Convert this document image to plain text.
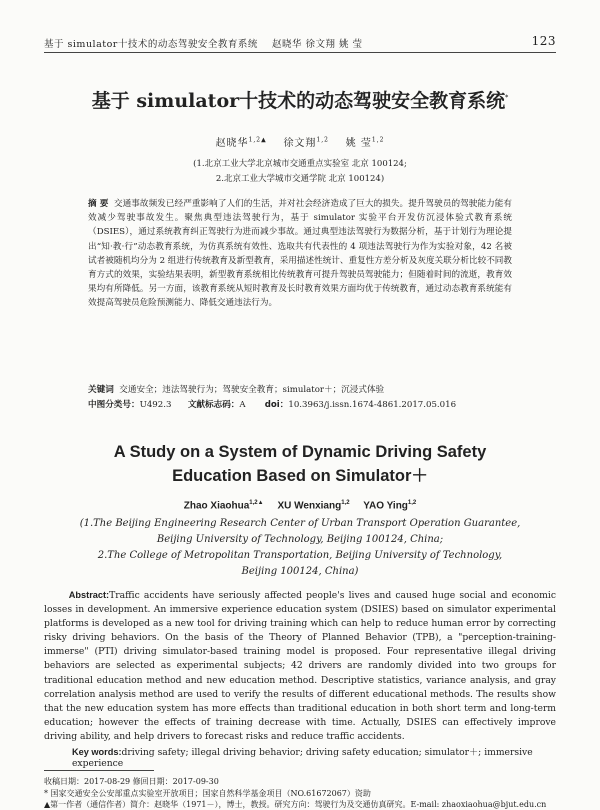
基于 simulator十技术的动态驾驶安全教育系统 赵晓华 徐文翔 姚 莹	123
基于 simulator十技术的动态驾驶安全教育系统*
赵晓华$^{1,2▲}$ 徐文翔$^{1,2}$ 姚 莹$^{1,2}$
(1.北京工业大学北京城市交通重点实验室 北京 100124;
2.北京工业大学城市交通学院 北京 100124)
摘 要 交通事故频发已经严重影响了人们的生活，并对社会经济造成了巨大的损失。提升驾驶员的驾驶能力能有效减少驾驶事故发生。聚焦典型违法驾驶行为，基于 simulator 实验平台开发仿沉浸体验式教育系统（DSIES），通过系统教育纠正驾驶行为进而减少事故。通过典型违法驾驶行为数据分析，基于计划行为理论提出“知·教·行”动态教育系统，为仿真系统有效性、选取共有代表性的 4 项违法驾驶行为作为实验对象，42 名被试者被随机均分为 2 组进行传统教育及新型教育，采用描述性统计、重复性方差分析及灰度关联分析比较不同教育方式的效果，实验结果表明，新型教育系统相比传统教育可提升驾驶员驾驶能力；但随着时间的流逝，教育效果均有所降低。另一方面，该教育系统从短时教育及长时教育效果方面均优于传统教育，通过动态教育系统能有效提高驾驶员危险预测能力、降低交通违法行为。
关键词 交通安全；违法驾驶行为；驾驶安全教育；simulator＋；沉浸式体验
中图分类号：U492.3 文献标志码：A doi：10.3963/j.issn.1674-4861.2017.05.016
A Study on a System of Dynamic Driving Safety
Education Based on Simulator＋
Zhao Xiaohua$^{1,2▲}$ XU Wenxiang$^{1,2}$ YAO Ying$^{1,2}$
(1.The Beijing Engineering Research Center of Urban Transport Operation Guarantee,
Beijing University of Technology, Beijing 100124, China;
2.The College of Metropolitan Transportation, Beijing University of Technology,
Beijing 100124, China)
Abstract:Traffic accidents have seriously affected people's lives and caused huge social and economic losses in development. An immersive experience education system (DSIES) based on simulator experimental platforms is developed as a new tool for driving training which can help to reduce human error by correcting risky driving behaviors. On the basis of the Theory of Planned Behavior (TPB), a "perception-training-immerse" (PTI) driving simulator-based training model is proposed. Four representative illegal driving behaviors are selected as experimental subjects; 42 drivers are randomly divided into two groups for traditional education method and new education method. Descriptive statistics, variance analysis, and gray correlation analysis method are used to verify the results of different educational methods. The results show that the new education system has more effects than traditional education in both short term and long-term education; however the effects of training decrease with time. Actually, DSIES can effectively improve driving ability, and help drivers to forecast risks and reduce traffic accidents.
Key words:driving safety; illegal driving behavior; driving safety education; simulator＋; immersive experience
收稿日期：2017-08-29 修回日期：2017-09-30
* 国家交通安全公安部重点实验室开放项目；国家自然科学基金项目（NO.61672067）资助
▲第一作者（通信作者）简介：赵晓华（1971－），博士，教授。研究方向：驾驶行为及交通仿真研究。E-mail: zhaoxiaohua@bjut.edu.cn
